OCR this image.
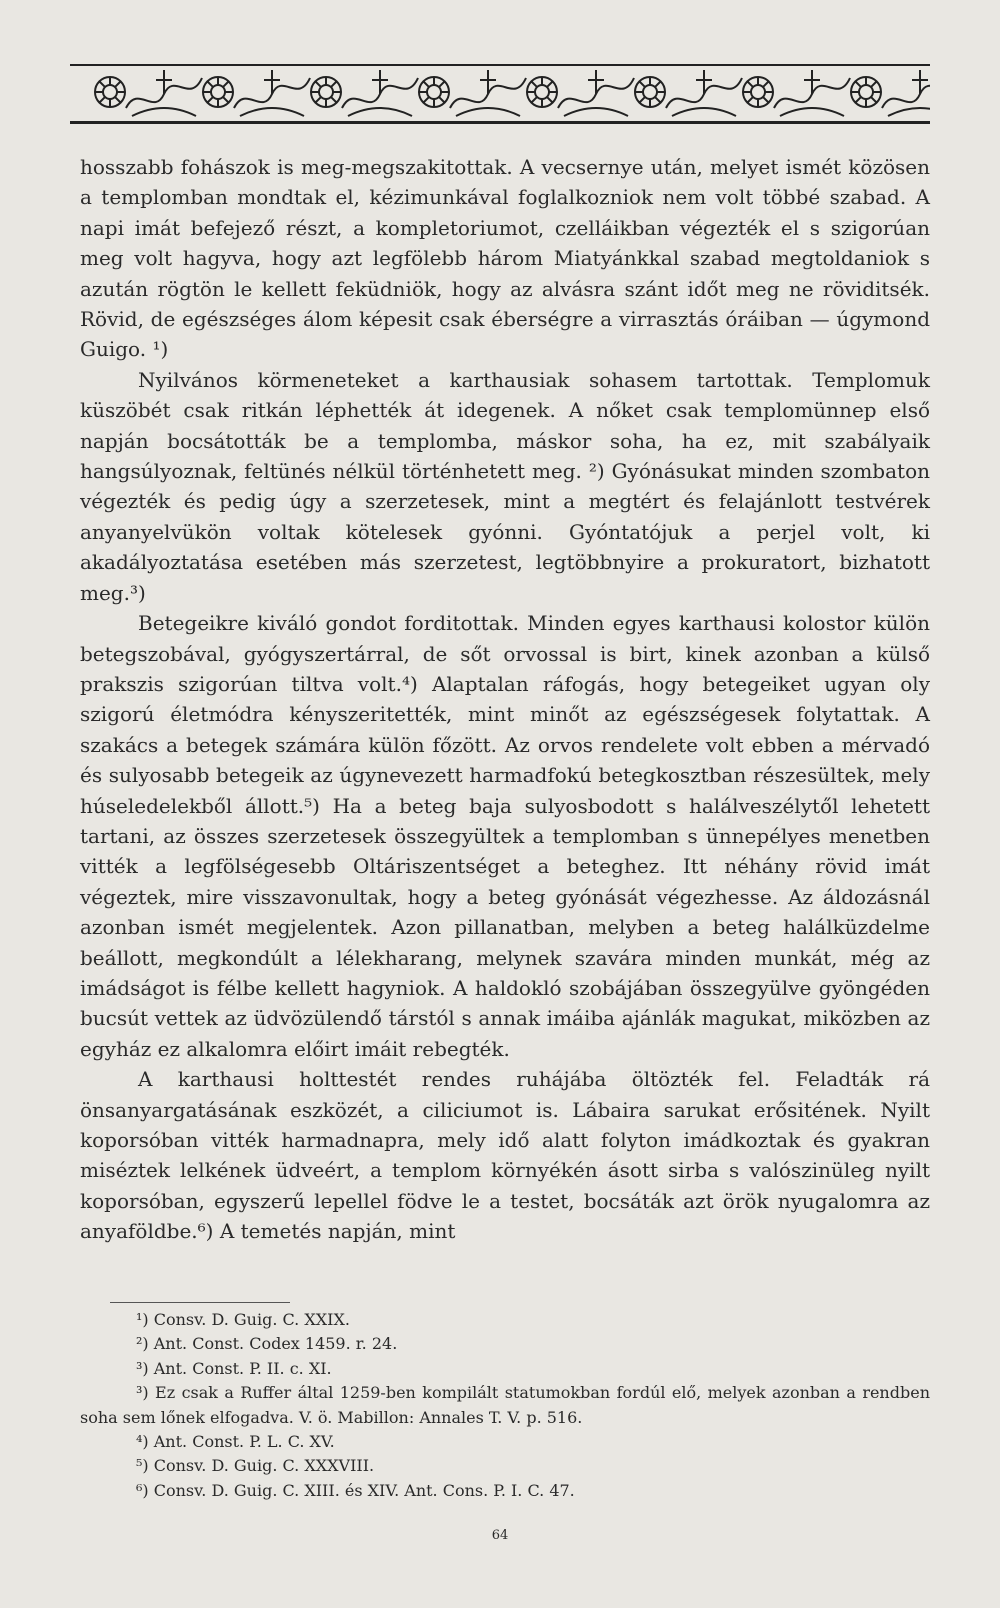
hosszabb fohászok is meg-megszakitottak. A vecsernye után, melyet ismét közösen a templomban mondtak el, kézimunkával foglalkozniok nem volt többé szabad. A napi imát befejező részt, a kompletoriumot, czelláikban végezték el s szigorúan meg volt hagyva, hogy azt legfölebb három Miatyánkkal szabad megtoldaniok s azután rögtön le kellett feküdniök, hogy az alvásra szánt időt meg ne röviditsék. Rövid, de egészséges álom képesit csak éberségre a virrasztás óráiban — úgymond Guigo. ¹)

Nyilvános körmeneteket a karthausiak sohasem tartottak. Templomuk küszöbét csak ritkán léphették át idegenek. A nőket csak templomünnep első napján bocsátották be a templomba, máskor soha, ha ez, mit szabályaik hangsúlyoznak, feltünés nélkül történhetett meg. ²) Gyónásukat minden szombaton végezték és pedig úgy a szerzetesek, mint a megtért és felajánlott testvérek anyanyelvükön voltak kötelesek gyónni. Gyóntatójuk a perjel volt, ki akadályoztatása esetében más szerzetest, legtöbbnyire a prokuratort, bizhatott meg.³)

Betegeikre kiváló gondot forditottak. Minden egyes karthausi kolostor külön betegszobával, gyógyszertárral, de sőt orvossal is birt, kinek azonban a külső prakszis szigorúan tiltva volt.⁴) Alaptalan ráfogás, hogy betegeiket ugyan oly szigorú életmódra kényszeritették, mint minőt az egészségesek folytattak. A szakács a betegek számára külön főzött. Az orvos rendelete volt ebben a mérvadó és sulyosabb betegeik az úgynevezett harmadfokú betegkosztban részesültek, mely húseledelekből állott.⁵) Ha a beteg baja sulyosbodott s halálveszélytől lehetett tartani, az összes szerzetesek összegyültek a templomban s ünnepélyes menetben vitték a legfölségesebb Oltáriszentséget a beteghez. Itt néhány rövid imát végeztek, mire visszavonultak, hogy a beteg gyónását végezhesse. Az áldozásnál azonban ismét megjelentek. Azon pillanatban, melyben a beteg halálküzdelme beállott, megkondúlt a lélekharang, melynek szavára minden munkát, még az imádságot is félbe kellett hagyniok. A haldokló szobájában összegyülve gyöngéden bucsút vettek az üdvözülendő társtól s annak imáiba ajánlák magukat, miközben az egyház ez alkalomra előirt imáit rebegték.

A karthausi holttestét rendes ruhájába öltözték fel. Feladták rá önsanyargatásának eszközét, a ciliciumot is. Lábaira sarukat erősitének. Nyilt koporsóban vitték harmadnapra, mely idő alatt folyton imádkoztak és gyakran miséztek lelkének üdveért, a templom környékén ásott sirba s valószinüleg nyilt koporsóban, egyszerű lepellel födve le a testet, bocsáták azt örök nyugalomra az anyaföldbe.⁶) A temetés napján, mint

¹) Consv. D. Guig. C. XXIX.

²) Ant. Const. Codex 1459. r. 24.

³) Ant. Const. P. II. c. XI.

³) Ez csak a Ruffer által 1259-ben kompilált statumokban fordúl elő, melyek azonban a rendben soha sem lőnek elfogadva. V. ö. Mabillon: Annales T. V. p. 516.

⁴) Ant. Const. P. L. C. XV.

⁵) Consv. D. Guig. C. XXXVIII.

⁶) Consv. D. Guig. C. XIII. és XIV. Ant. Cons. P. I. C. 47.

64
